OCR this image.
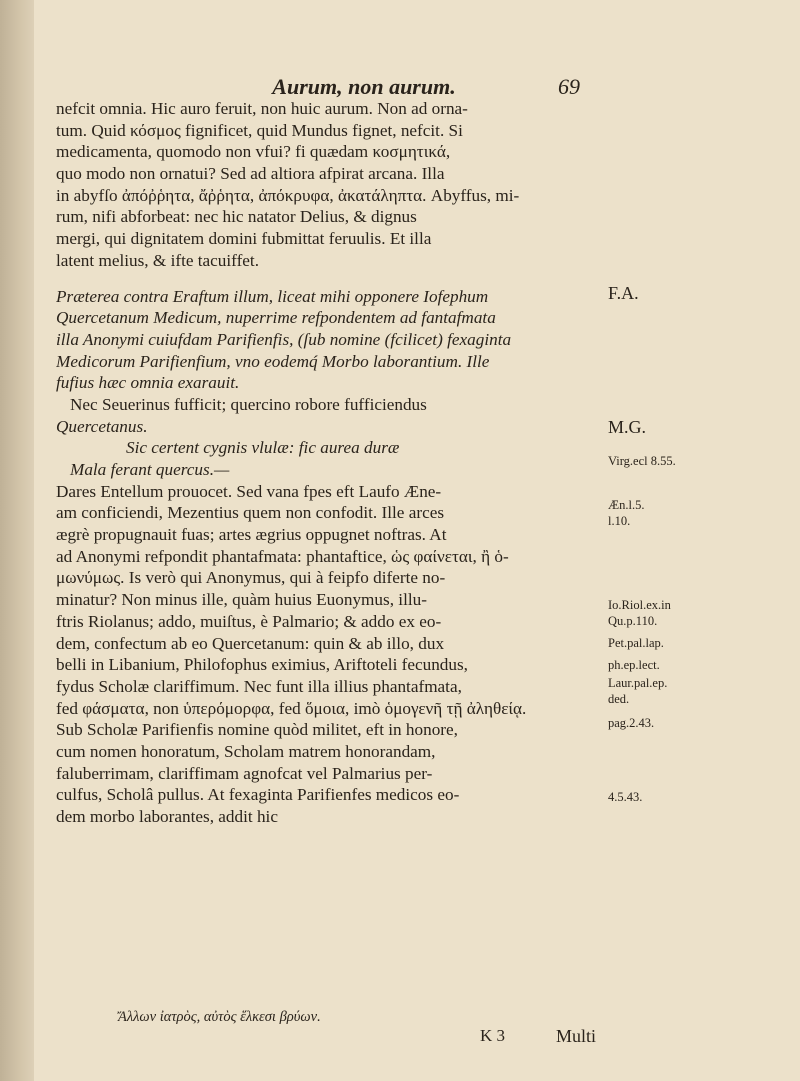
Aurum, non aurum.	69
nefcit omnia. Hic auro feruit, non huic aurum. Non ad orna-
tum. Quid κόσμος fignificet, quid Mundus fignet, nefcit. Si
medicamenta, quomodo non vfui? fi quædam κοσμητικά,
quo modo non ornatui? Sed ad altiora afpirat arcana. Illa
in abyfſo ἀπόῤῥητα, ἄῤῥητα, ἀπόκρυφα, ἀκατάληπτα. Abyffus, mi-
rum, nifi abforbeat: nec hic natator Delius, & dignus
mergi, qui dignitatem domini fubmittat feruulis. Et illa
latent melius, & ifte tacuiffet.
Præterea contra Eraftum illum, liceat mihi opponere Iofephum
Quercetanum Medicum, nuperrime refpondentem ad fantafmata
illa Anonymi cuiufdam Parifienfis, (ſub nomine (fcilicet) fexaginta
Medicorum Parifienfium, vno eodemq́ Morbo laborantium. Ille
fufius hæc omnia exarauit.
Nec Seuerinus fufficit; quercino robore fufficiendus
Quercetanus.
Sic certent cygnis vlulæ: fic aurea duræ
Mala ferant quercus.—
Dares Entellum prouocet. Sed vana fpes eft Laufo Æne-
am conficiendi, Mezentius quem non confodit. Ille arces
ægrè propugnauit fuas; artes ægrius oppugnet noftras. At
ad Anonymi refpondit phantafmata: phantaftice, ὡς φαίνεται, ἢ ὁ-
μωνύμως. Is verò qui Anonymus, qui à feipfo diferte no-
minatur? Non minus ille, quàm huius Euonymus, illu-
ftris Riolanus; addo, muiſtus, è Palmario; & addo ex eo-
dem, confectum ab eo Quercetanum: quin & ab illo, dux
belli in Libanium, Philofophus eximius, Ariftoteli fecundus,
fydus Scholæ clariffimum. Nec funt illa illius phantafmata,
fed φάσματα, non ὑπερόμορφα, fed ὅμοια, imò ὁμογενῆ τῇ ἀληθείᾳ.
Sub Scholæ Parifienfis nomine quòd militet, eft in honore,
cum nomen honoratum, Scholam matrem honorandam,
faluberrimam, clariffimam agnofcat vel Palmarius per-
culfus, Scholâ pullus. At fexaginta Parifienfes medicos eo-
dem morbo laborantes, addit hic
F.A.
M.G.
Virg.ecl 8.55.
Æn.l.5.
l.10.
Io.Riol.ex.in
Qu.p.110.
Pet.pal.lap.
ph.ep.lect.
Laur.pal.ep.
ded.
pag.2.43.
4.5.43.
Ἄλλων ἰατρὸς, αὐτὸς ἕλκεσι βρύων.
K 3	Multi
